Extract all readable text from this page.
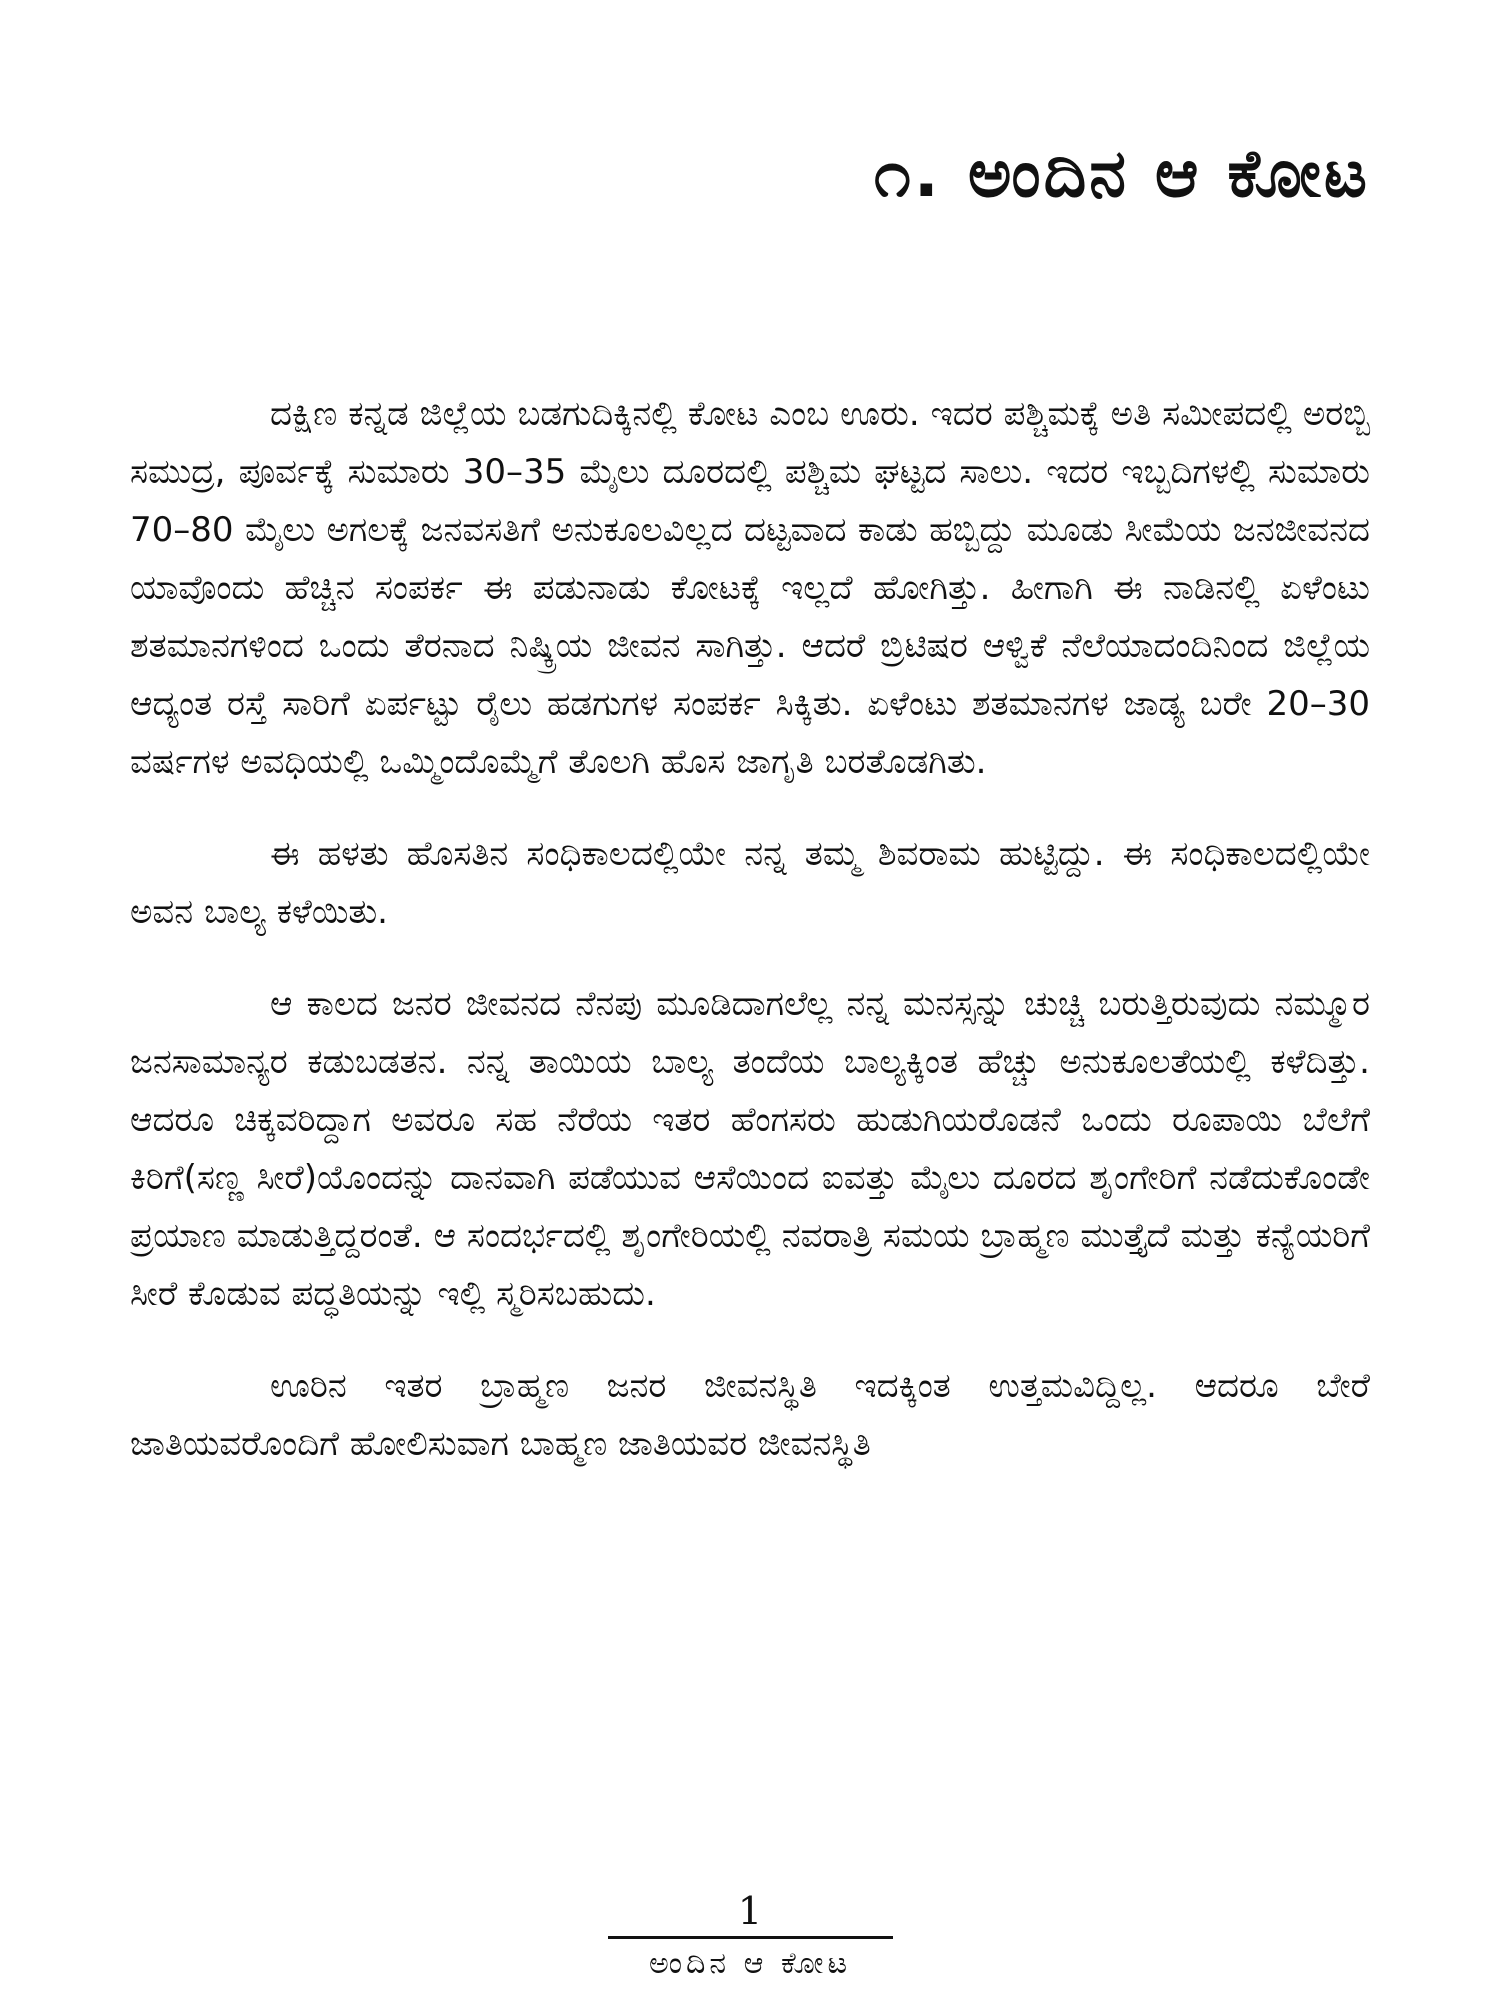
೧. ಅಂದಿನ ಆ ಕೋಟ

ದಕ್ಷಿಣ ಕನ್ನಡ ಜಿಲ್ಲೆಯ ಬಡಗುದಿಕ್ಕಿನಲ್ಲಿ ಕೋಟ ಎಂಬ ಊರು. ಇದರ ಪಶ್ಚಿಮಕ್ಕೆ ಅತಿ ಸಮೀಪದಲ್ಲಿ ಅರಬ್ಬಿ ಸಮುದ್ರ, ಪೂರ್ವಕ್ಕೆ ಸುಮಾರು 30–35 ಮೈಲು ದೂರದಲ್ಲಿ ಪಶ್ಚಿಮ ಘಟ್ಟದ ಸಾಲು. ಇದರ ಇಬ್ಬದಿಗಳಲ್ಲಿ ಸುಮಾರು 70–80 ಮೈಲು ಅಗಲಕ್ಕೆ ಜನವಸತಿಗೆ ಅನುಕೂಲವಿಲ್ಲದ ದಟ್ಟವಾದ ಕಾಡು ಹಬ್ಬಿದ್ದು ಮೂಡು ಸೀಮೆಯ ಜನಜೀವನದ ಯಾವೊಂದು ಹೆಚ್ಚಿನ ಸಂಪರ್ಕ ಈ ಪಡುನಾಡು ಕೋಟಕ್ಕೆ ಇಲ್ಲದೆ ಹೋಗಿತ್ತು. ಹೀಗಾಗಿ ಈ ನಾಡಿನಲ್ಲಿ ಏಳೆಂಟು ಶತಮಾನಗಳಿಂದ ಒಂದು ತೆರನಾದ ನಿಷ್ಕ್ರಿಯ ಜೀವನ ಸಾಗಿತ್ತು. ಆದರೆ ಬ್ರಿಟಿಷರ ಆಳ್ವಿಕೆ ನೆಲೆಯಾದಂದಿನಿಂದ ಜಿಲ್ಲೆಯ ಆದ್ಯಂತ ರಸ್ತೆ ಸಾರಿಗೆ ಏರ್ಪಟ್ಟು ರೈಲು ಹಡಗುಗಳ ಸಂಪರ್ಕ ಸಿಕ್ಕಿತು. ಏಳೆಂಟು ಶತಮಾನಗಳ ಜಾಡ್ಯ ಬರೇ 20–30 ವರ್ಷಗಳ ಅವಧಿಯಲ್ಲಿ ಒಮ್ಮಿಂದೊಮ್ಮೆಗೆ ತೊಲಗಿ ಹೊಸ ಜಾಗೃತಿ ಬರತೊಡಗಿತು.

ಈ ಹಳತು ಹೊಸತಿನ ಸಂಧಿಕಾಲದಲ್ಲಿಯೇ ನನ್ನ ತಮ್ಮ ಶಿವರಾಮ ಹುಟ್ಟಿದ್ದು. ಈ ಸಂಧಿಕಾಲದಲ್ಲಿಯೇ ಅವನ ಬಾಲ್ಯ ಕಳೆಯಿತು.

ಆ ಕಾಲದ ಜನರ ಜೀವನದ ನೆನಪು ಮೂಡಿದಾಗಲೆಲ್ಲ ನನ್ನ ಮನಸ್ಸನ್ನು ಚುಚ್ಚಿ ಬರುತ್ತಿರುವುದು ನಮ್ಮೂರ ಜನಸಾಮಾನ್ಯರ ಕಡುಬಡತನ. ನನ್ನ ತಾಯಿಯ ಬಾಲ್ಯ ತಂದೆಯ ಬಾಲ್ಯಕ್ಕಿಂತ ಹೆಚ್ಚು ಅನುಕೂಲತೆಯಲ್ಲಿ ಕಳೆದಿತ್ತು. ಆದರೂ ಚಿಕ್ಕವರಿದ್ದಾಗ ಅವರೂ ಸಹ ನೆರೆಯ ಇತರ ಹೆಂಗಸರು ಹುಡುಗಿಯರೊಡನೆ ಒಂದು ರೂಪಾಯಿ ಬೆಲೆಗೆ ಕಿರಿಗೆ(ಸಣ್ಣ ಸೀರೆ)ಯೊಂದನ್ನು ದಾನವಾಗಿ ಪಡೆಯುವ ಆಸೆಯಿಂದ ಐವತ್ತು ಮೈಲು ದೂರದ ಶೃಂಗೇರಿಗೆ ನಡೆದುಕೊಂಡೇ ಪ್ರಯಾಣ ಮಾಡುತ್ತಿದ್ದರಂತೆ. ಆ ಸಂದರ್ಭದಲ್ಲಿ ಶೃಂಗೇರಿಯಲ್ಲಿ ನವರಾತ್ರಿ ಸಮಯ ಬ್ರಾಹ್ಮಣ ಮುತ್ತೈದೆ ಮತ್ತು ಕನ್ಯೆಯರಿಗೆ ಸೀರೆ ಕೊಡುವ ಪದ್ಧತಿಯನ್ನು ಇಲ್ಲಿ ಸ್ಮರಿಸಬಹುದು.

ಊರಿನ ಇತರ ಬ್ರಾಹ್ಮಣ ಜನರ ಜೀವನಸ್ಥಿತಿ ಇದಕ್ಕಿಂತ ಉತ್ತಮವಿದ್ದಿಲ್ಲ. ಆದರೂ ಬೇರೆ ಜಾತಿಯವರೊಂದಿಗೆ ಹೋಲಿಸುವಾಗ ಬಾಹ್ಮಣ ಜಾತಿಯವರ ಜೀವನಸ್ಥಿತಿ

1
ಅಂದಿನ ಆ ಕೋಟ
